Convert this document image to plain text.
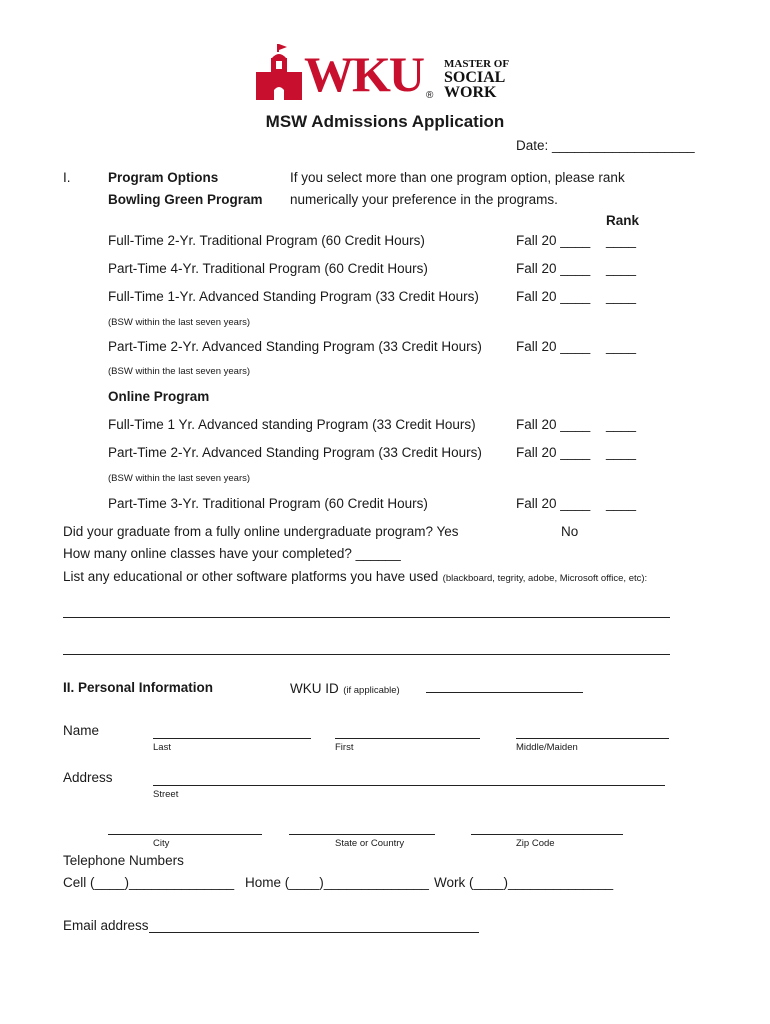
WKU ®
MASTER OF
SOCIAL
WORK
MSW Admissions Application
Date: ___________________
I.	Program Options
Bowling Green Program
If you select more than one program option, please rank
numerically your preference in the programs.
Rank
Full-Time 2-Yr. Traditional Program (60 Credit Hours)	Fall 20 ____ ____
Part-Time 4-Yr. Traditional Program (60 Credit Hours)	Fall 20 ____ ____
Full-Time 1-Yr. Advanced Standing Program (33 Credit Hours)	Fall 20 ____ ____
(BSW within the last seven years)
Part-Time 2-Yr. Advanced Standing Program (33 Credit Hours)	Fall 20 ____ ____
(BSW within the last seven years)
Online Program
Full-Time 1 Yr. Advanced standing Program (33 Credit Hours)	Fall 20 ____ ____
Part-Time 2-Yr. Advanced Standing Program (33 Credit Hours)	Fall 20 ____ ____
(BSW within the last seven years)
Part-Time 3-Yr. Traditional Program (60 Credit Hours)	Fall 20 ____ ____
Did your graduate from a fully online undergraduate program? Yes	No
How many online classes have your completed? ______
List any educational or other software platforms you have used (blackboard, tegrity, adobe, Microsoft office, etc):
II. Personal Information	WKU ID (if applicable)
Name
Last	First	Middle/Maiden
Address
Street
City	State or Country	Zip Code
Telephone Numbers
Cell (____)______________ Home (____)______________ Work (____)______________
Email address
